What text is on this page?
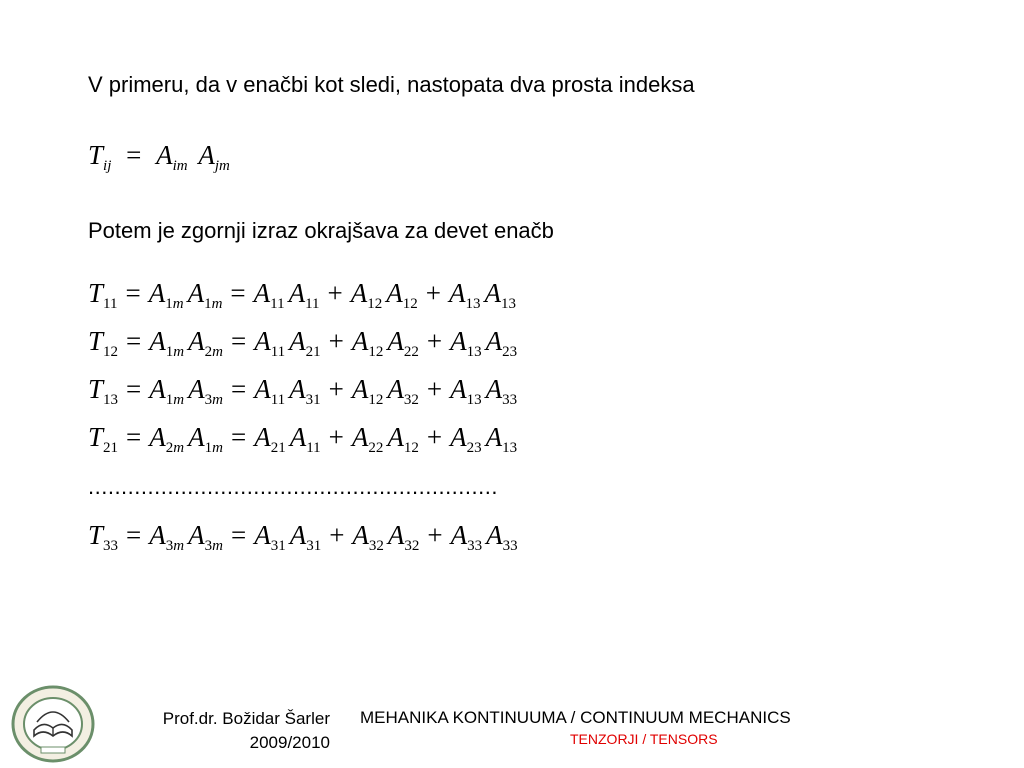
V primeru, da v enačbi kot sledi, nastopata dva prosta indeksa
$T_{ij} = A_{im}$ $A_{jm}$
Potem je zgornji izraz okrajšava za devet enačb
$T_{11} = A_{1m}$ $A_{1m} = A_{11}$ $A_{11} + A_{12}$ $A_{12} + A_{13}$ $A_{13}$
$T_{12} = A_{1m}$ $A_{2m} = A_{11}$ $A_{21} + A_{12}$ $A_{22} + A_{13}$ $A_{23}$
$T_{13} = A_{1m}$ $A_{3m} = A_{11}$ $A_{31} + A_{12}$ $A_{32} + A_{13}$ $A_{33}$
$T_{21} = A_{2m}$ $A_{1m} = A_{21}$ $A_{11} + A_{22}$ $A_{12} + A_{23}$ $A_{13}$
..............................................................
$T_{33} = A_{3m}$ $A_{3m} = A_{31}$ $A_{31} + A_{32}$ $A_{32} + A_{33}$ $A_{33}$
Prof.dr. Božidar Šarler
2009/2010
MEHANIKA KONTINUUMA / CONTINUUM MECHANICS
TENZORJI / TENSORS
